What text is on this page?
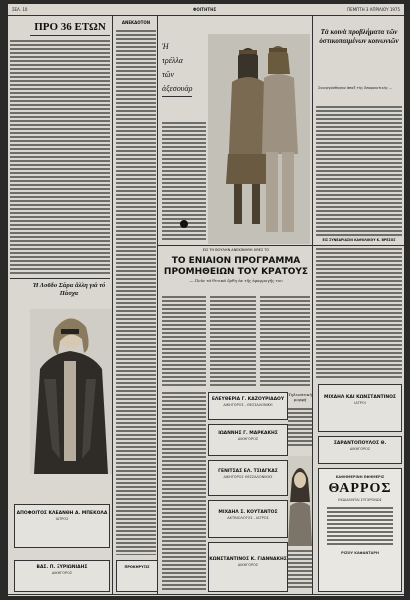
ΣΕΛ. 10	ΦΟΙΤΗΤΗΣ	ΠΕΜΠΤΗ 3 ΑΠΡΙΛΙΟΥ 1975
ΠΡΟ 36 ΕΤΩΝ
Ἡ Λοῦδο Σάρα ἄλλη γιά τό Πάσχα
ΑΠΟΦΟΙΤΟΣ ΚΛΕΑΝΘΗ Α. ΜΠΕΚΟΛΑ
ΙΑΤΡΟΣ
ΒΑΣ. Π. ΞΥΡΙΩΝΙΔΗΣ
ΔΙΚΗΓΟΡΟΣ
ΑΝΕΚΔΟΤΟΝ
ΠΡΟΚΗΡΥΞΙΣ
Ἡ
τρέλλα
τῶν
ἀξεσουάρ
Τὰ κοινὰ προβλήματα τῶν ὀστικοπαιμένων κοινωνιῶν
Συνεργάσθησαν ἀπαξ τῆς Ἀπορονιτικῆς ...
ΕΙΣ ΤΗ ΒΟΥΛΗΝ ΑΝΕΚΙΝΗΘΗ ΧΘΕΣ ΤΟ
ΤΟ ΕΝΙΑΙΟΝ ΠΡΟΓΡΑΜΜΑ
ΠΡΟΜΗΘΕΙΩΝ ΤΟΥ ΚΡΑΤΟΥΣ
— Ποῖα τά θετικά ὅρθη ἐκ τῆς ἐφαρμογῆς του
ΕΙΣ ΣΥΝΕΔΡΙΑΣΙΝ ΚΑΘΟΛΙΚΟΥ Κ. ΒΡΕΣΟΣ
ΕΛΕΥΘΕΡΙΑ Γ. ΚΑΖΟΥΡΙΑΔΟΥ
ΔΙΚΗΓΟΡΟΣ - ΘΕΣΣΑΛΟΝΙΚΗ
ΙΩΑΝΝΗΣ Γ. ΜΑΡΚΑΚΗΣ
ΔΙΚΗΓΟΡΟΣ
ΓΕΝΙΤΣΑΣ ΕΛ. ΤΣΙΑΓΚΑΣ
ΔΙΚΗΓΟΡΟΣ ΘΕΣΣΑΛΟΝΙΚΗΣ
ΜΙΧΑΗΛ Σ. ΚΟΥΤΑΝΤΟΣ
ΑΚΤΙΝΟΛΟΓΟΣ - ΙΑΤΡΟΣ
ΚΩΝΣΤΑΝΤΙΝΟΣ Κ. ΓΙΑΝΝΑΚΗΣ
ΔΙΚΗΓΟΡΟΣ
Τηλεοπτικὴ μορφὴ	ΜΙΧΑΗΛ ΚΑΙ ΚΩΝΣΤΑΝΤΙΝΟΣ
ΙΑΤΡΟΙ
ΣΑΡΑΝΤΟΠΟΥΛΟΣ Θ.
ΔΙΚΗΓΟΡΟΣ
ΚΑΘΗΜΕΡΙΝΗ ΕΦΗΜΕΡΙΣ
ΘΑΡΡΟΣ
ΕΚΔΙΔΟΝΤΑΙ ΣΥΓΧΡΟΝΩΣ
ΡΙΖΟΥ ΚΑΦΑΝΤΑΡΗ
